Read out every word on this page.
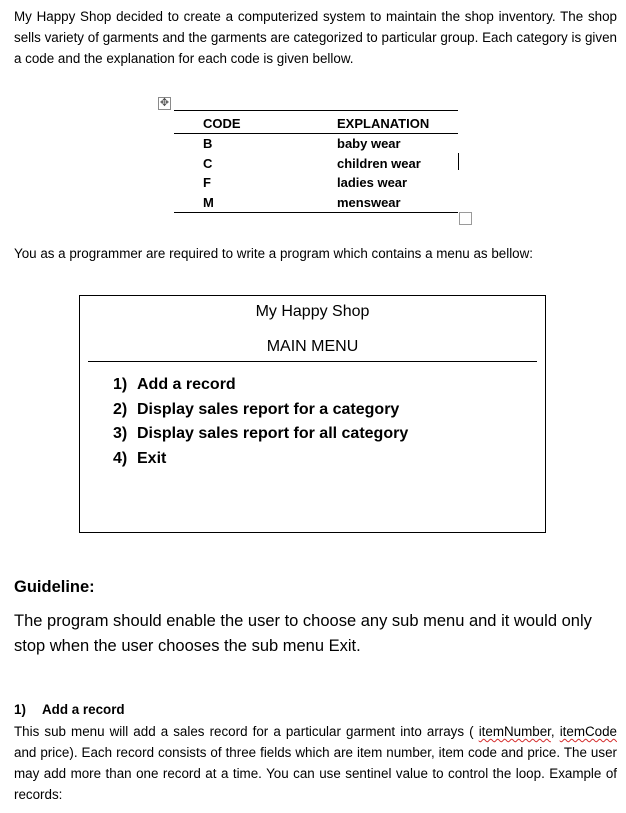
My Happy Shop decided to create a computerized system to maintain the shop inventory. The shop sells variety of garments and the garments are categorized to particular group. Each category is given a code and the explanation for each code is given bellow.
✥
CODE	EXPLANATION
B	baby wear
C	children wear
F	ladies wear
M	menswear
You as a programmer are required to write a program which contains a menu as bellow:
My Happy Shop
MAIN MENU
1) Add a record
2) Display sales report for a category
3) Display sales report for all category
4) Exit
Guideline:
The program should enable the user to choose any sub menu and it would only stop when the user chooses the sub menu Exit.
1) Add a record
This sub menu will add a sales record for a particular garment into arrays ( itemNumber, itemCode and price). Each record consists of three fields which are item number, item code and price. The user may add more than one record at a time. You can use sentinel value to control the loop. Example of records:
